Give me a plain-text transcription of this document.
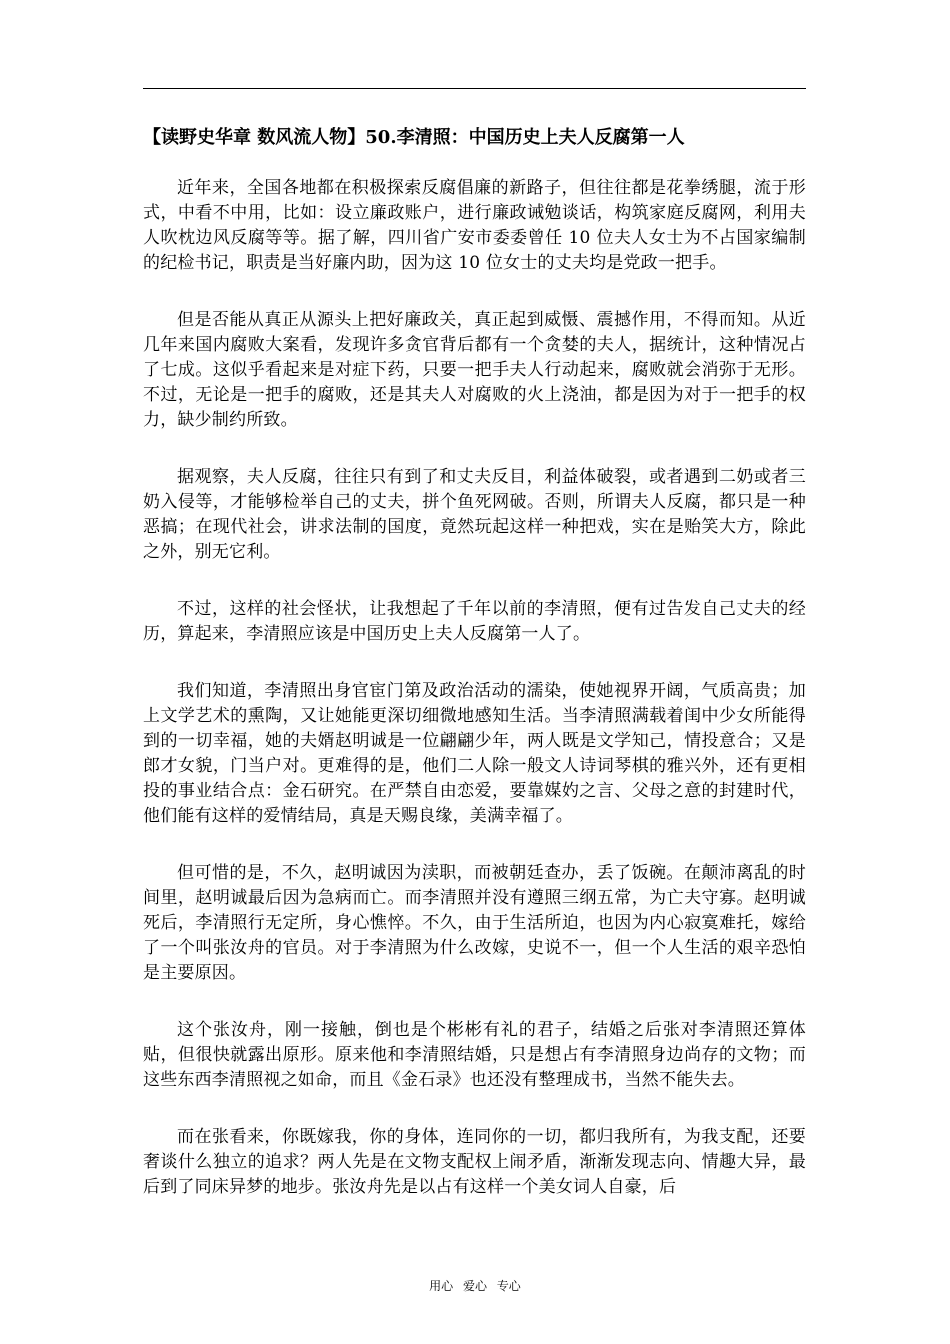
【读野史华章 数风流人物】50.李清照：中国历史上夫人反腐第一人

近年来，全国各地都在积极探索反腐倡廉的新路子，但往往都是花拳绣腿，流于形式，中看不中用，比如：设立廉政账户，进行廉政诫勉谈话，构筑家庭反腐网，利用夫人吹枕边风反腐等等。据了解，四川省广安市委委曾任 10 位夫人女士为不占国家编制的纪检书记，职责是当好廉内助，因为这 10 位女士的丈夫均是党政一把手。

但是否能从真正从源头上把好廉政关，真正起到威慑、震撼作用，不得而知。从近几年来国内腐败大案看，发现许多贪官背后都有一个贪婪的夫人，据统计，这种情况占了七成。这似乎看起来是对症下药，只要一把手夫人行动起来，腐败就会消弥于无形。不过，无论是一把手的腐败，还是其夫人对腐败的火上浇油，都是因为对于一把手的权力，缺少制约所致。

据观察，夫人反腐，往往只有到了和丈夫反目，利益体破裂，或者遇到二奶或者三奶入侵等，才能够检举自己的丈夫，拼个鱼死网破。否则，所谓夫人反腐，都只是一种恶搞；在现代社会，讲求法制的国度，竟然玩起这样一种把戏，实在是贻笑大方，除此之外，别无它利。

不过，这样的社会怪状，让我想起了千年以前的李清照，便有过告发自己丈夫的经历，算起来，李清照应该是中国历史上夫人反腐第一人了。

我们知道，李清照出身官宦门第及政治活动的濡染，使她视界开阔，气质高贵；加上文学艺术的熏陶，又让她能更深切细微地感知生活。当李清照满载着闺中少女所能得到的一切幸福，她的夫婿赵明诚是一位翩翩少年，两人既是文学知己，情投意合；又是郎才女貌，门当户对。更难得的是，他们二人除一般文人诗词琴棋的雅兴外，还有更相投的事业结合点：金石研究。在严禁自由恋爱，要靠媒妁之言、父母之意的封建时代，他们能有这样的爱情结局，真是天赐良缘，美满幸福了。

但可惜的是，不久，赵明诚因为渎职，而被朝廷查办，丢了饭碗。在颠沛离乱的时间里，赵明诚最后因为急病而亡。而李清照并没有遵照三纲五常，为亡夫守寡。赵明诚死后，李清照行无定所，身心憔悴。不久，由于生活所迫，也因为内心寂寞难托，嫁给了一个叫张汝舟的官员。对于李清照为什么改嫁，史说不一，但一个人生活的艰辛恐怕是主要原因。

这个张汝舟，刚一接触，倒也是个彬彬有礼的君子，结婚之后张对李清照还算体贴，但很快就露出原形。原来他和李清照结婚，只是想占有李清照身边尚存的文物；而这些东西李清照视之如命，而且《金石录》也还没有整理成书，当然不能失去。

而在张看来，你既嫁我，你的身体，连同你的一切，都归我所有，为我支配，还要奢谈什么独立的追求？两人先是在文物支配权上闹矛盾，渐渐发现志向、情趣大异，最后到了同床异梦的地步。张汝舟先是以占有这样一个美女词人自豪，后

用心 爱心 专心
